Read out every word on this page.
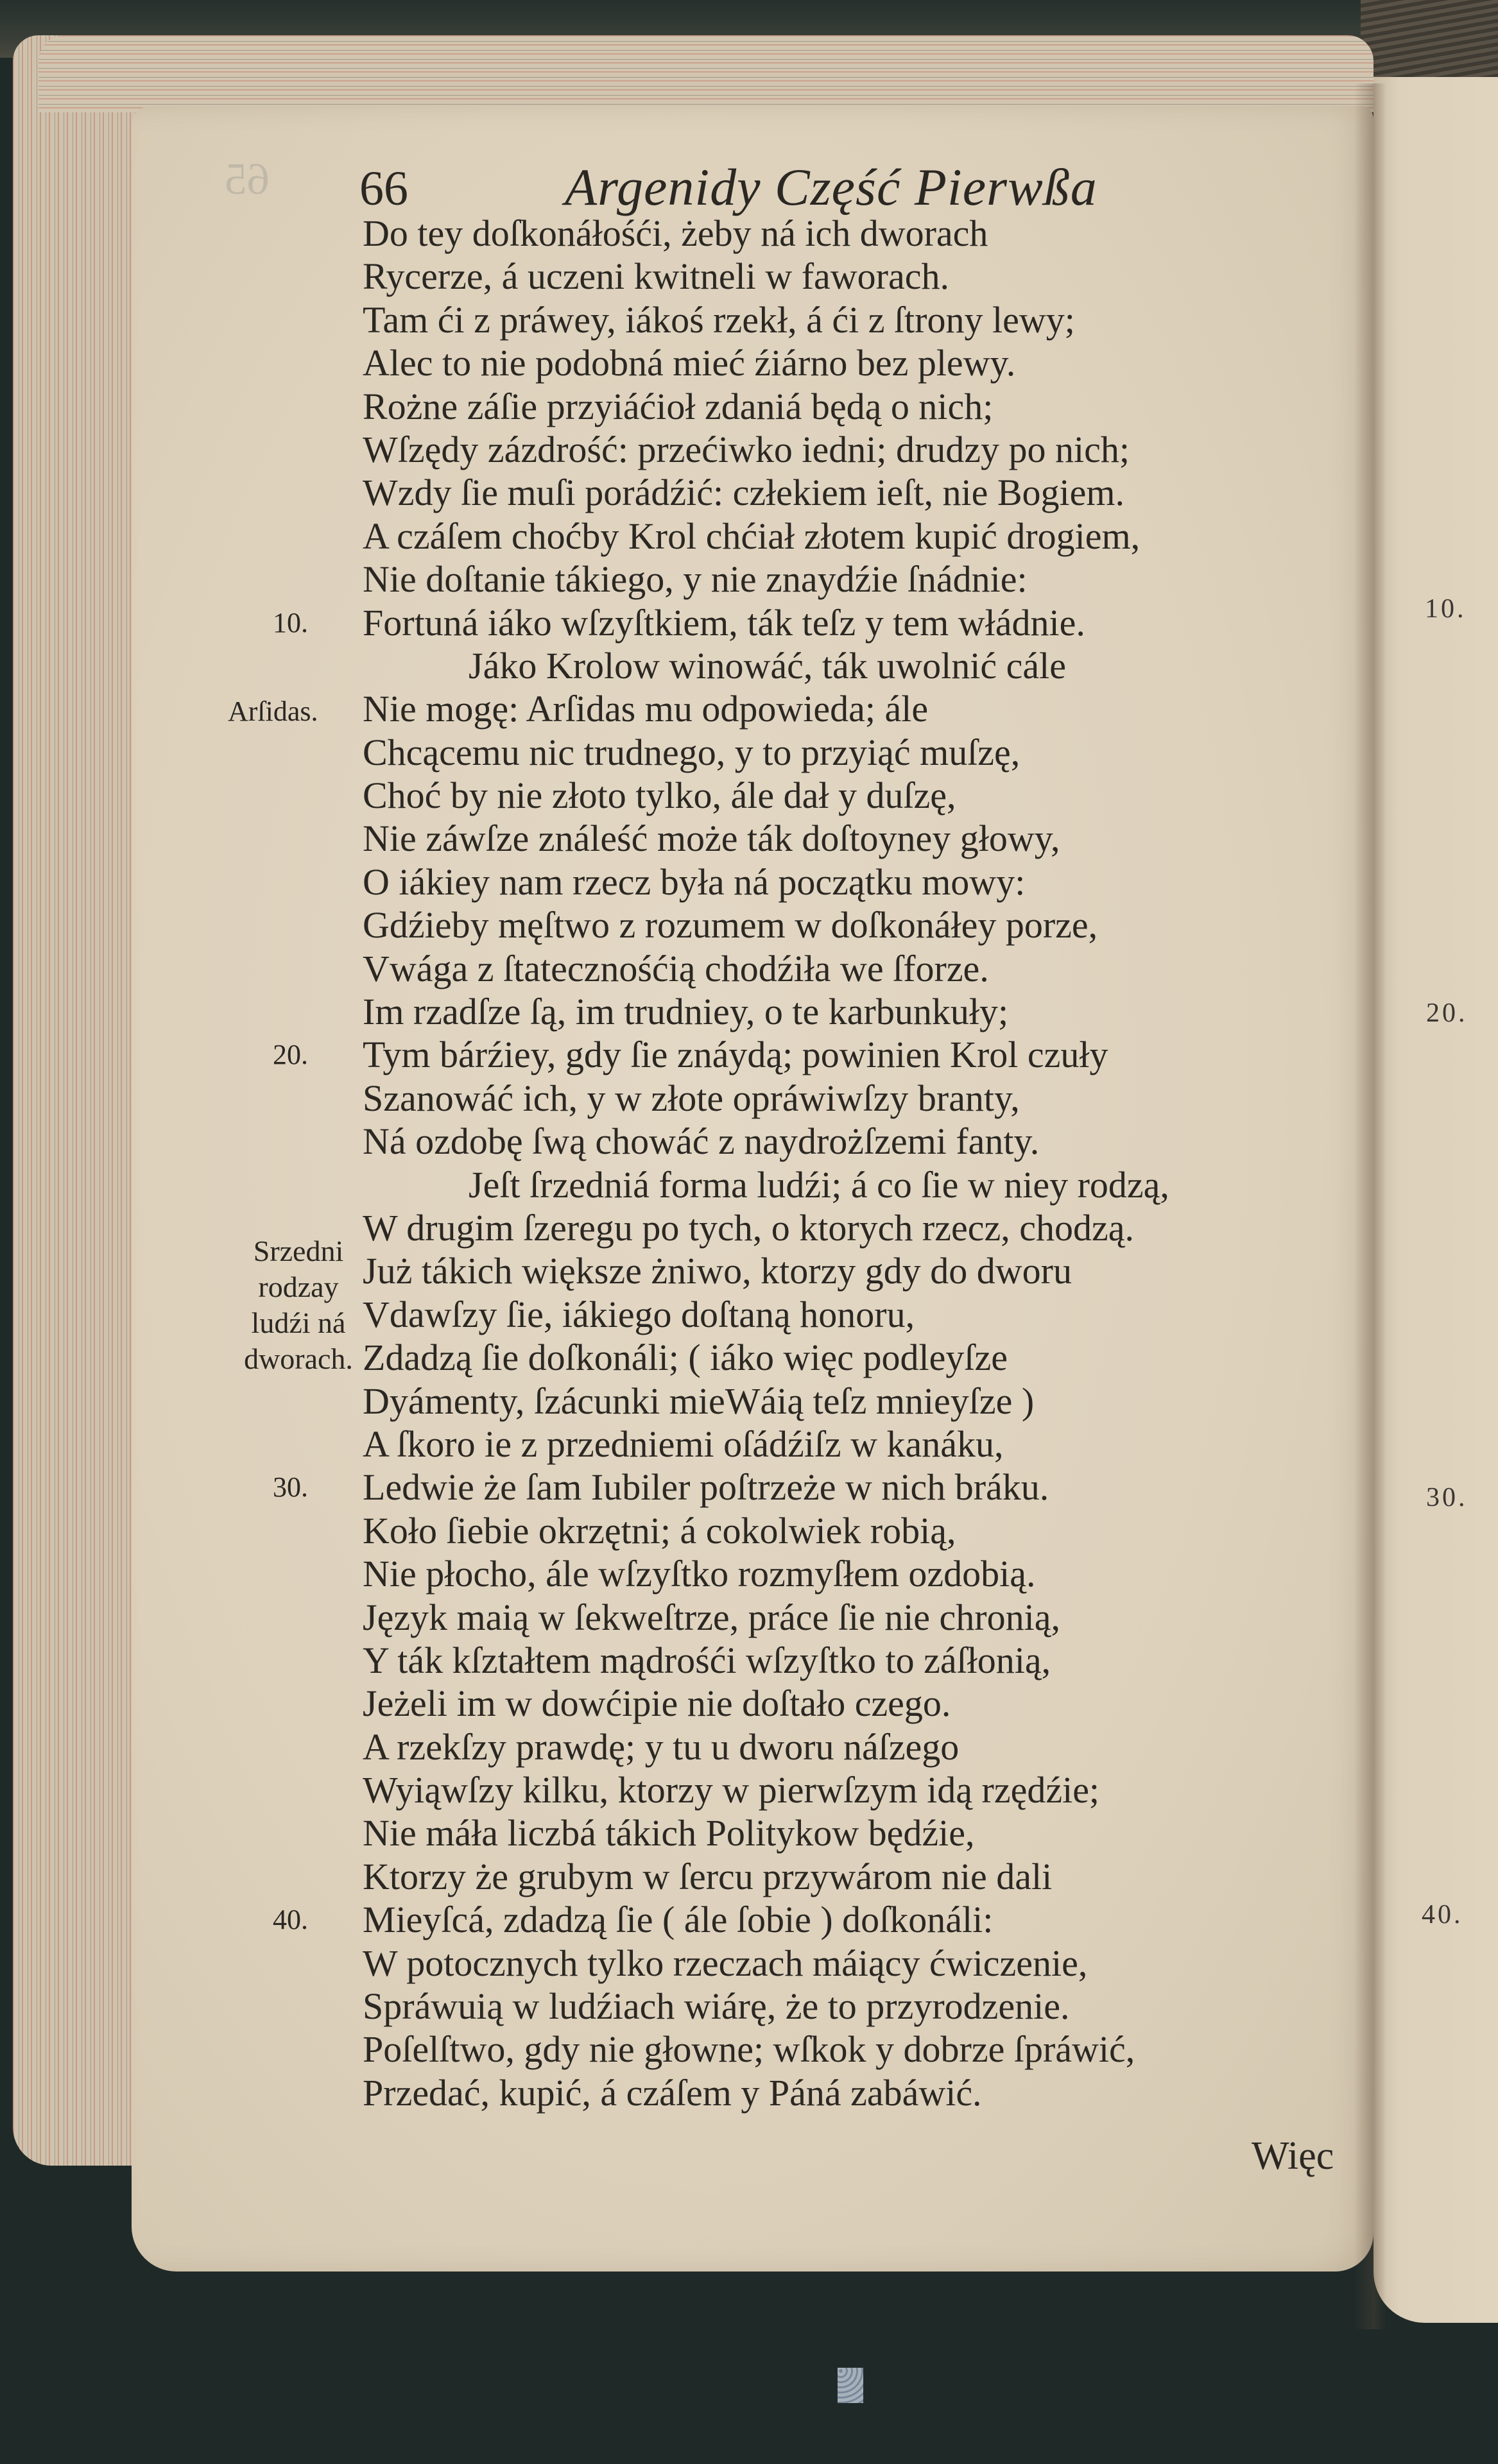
65 66	Argenidy Część Pierwßa
Do tey doſkonáłośći, żeby ná ich dworach
Rycerze, á uczeni kwitneli w faworach.
Tam ći z práwey, iákoś rzekł, á ći z ſtrony lewy;
Alec to nie podobná mieć źiárno bez plewy.
Rożne záſie przyiáćioł zdaniá będą o nich;
Wſzędy zázdrość: przećiwko iedni; drudzy po nich;
Wzdy ſie muſi porádźić: człekiem ieſt, nie Bogiem.
A czáſem choćby Krol chćiał złotem kupić drogiem,
Nie doſtanie tákiego, y nie znaydźie ſnádnie:
10.	Fortuná iáko wſzyſtkiem, ták teſz y tem włádnie.
Jáko Krolow winowáć, ták uwolnić cále
Arſidas. Nie mogę: Arſidas mu odpowieda; ále
Chcącemu nic trudnego, y to przyiąć muſzę,
Choć by nie złoto tylko, ále dał y duſzę,
Nie záwſze ználeść może ták doſtoyney głowy,
O iákiey nam rzecz była ná początku mowy:
Gdźieby męſtwo z rozumem w doſkonáłey porze,
Vwága z ſtatecznośćią chodźiła we ſforze.
Im rzadſze ſą, im trudniey, o te karbunkuły;
20.	Tym bárźiey, gdy ſie znáydą; powinien Krol czuły
Szanowáć ich, y w złote opráwiwſzy branty,
Ná ozdobę ſwą chowáć z naydrożſzemi fanty.
Jeſt ſrzedniá forma ludźi; á co ſie w niey rodzą,
W drugim ſzeregu po tych, o ktorych rzecz, chodzą.
Już tákich większe żniwo, ktorzy gdy do dworu
Vdawſzy ſie, iákiego doſtaną honoru,
Zdadzą ſie doſkonáli; ( iáko więc podleyſze
Dyámenty, ſzácunki mieWáią teſz mnieyſze )
A ſkoro ie z przedniemi oſádźiſz w kanáku,
30.	Ledwie że ſam Iubiler poſtrzeże w nich bráku.
Koło ſiebie okrzętni; á cokolwiek robią,
Nie płocho, ále wſzyſtko rozmyſłem ozdobią.
Język maią w ſekweſtrze, práce ſie nie chronią,
Y ták kſztałtem mądrośći wſzyſtko to záſłonią,
Jeżeli im w dowćipie nie doſtało czego.
A rzekſzy prawdę; y tu u dworu náſzego
Wyiąwſzy kilku, ktorzy w pierwſzym idą rzędźie;
Nie máła liczbá tákich Politykow będźie,
Ktorzy że grubym w ſercu przywárom nie dali
40.	Mieyſcá, zdadzą ſie ( ále ſobie ) doſkonáli:
W potocznych tylko rzeczach máiący ćwiczenie,
Spráwuią w ludźiach wiárę, że to przyrodzenie.
Poſelſtwo, gdy nie głowne; wſkok y dobrze ſpráwić,
Przedać, kupić, á czáſem y Páná zabáwić.
Srzedni
rodzay
ludźi ná
dworach.
10.
20.
30.
40.
Więc
